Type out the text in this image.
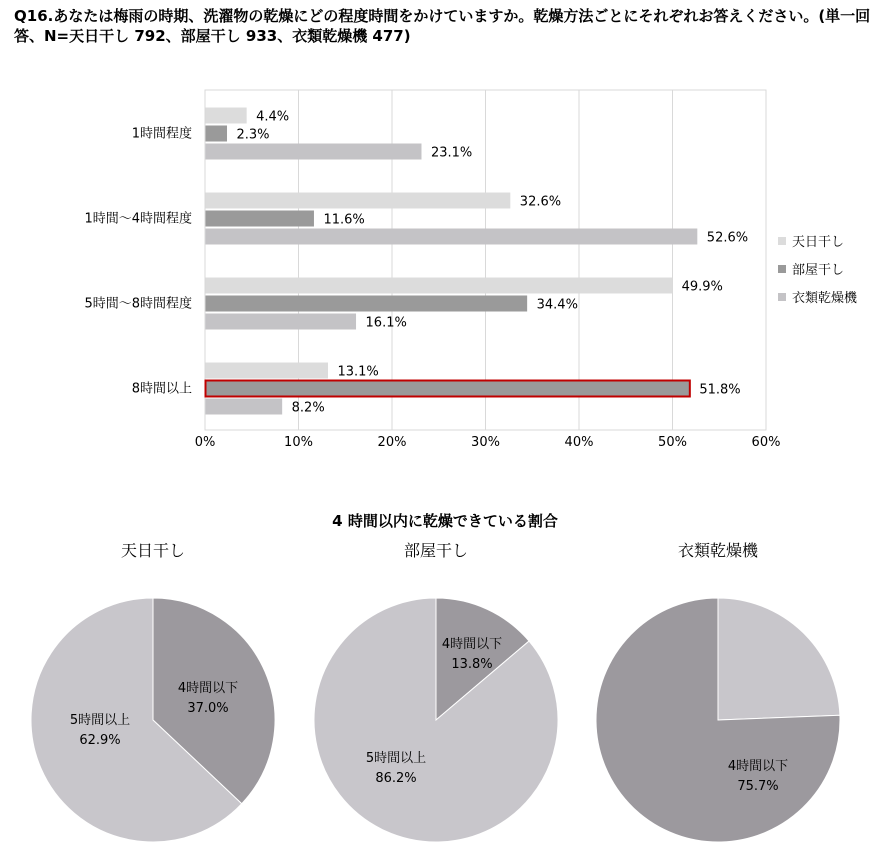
Q16.あなたは梅雨の時期、洗濯物の乾燥にどの程度時間をかけていますか。乾燥方法ごとにそれぞれお答えください。(単一回答、N=天日干し 792、部屋干し 933、衣類乾燥機 477)

0%	10%	20%	30%	40%	50%	60%
1時間程度
4.4%
2.3%
23.1%
1時間～4時間程度
32.6%
11.6%
52.6%
5時間～8時間程度
49.9%
34.4%
16.1%
8時間以上
13.1%
51.8%
8.2%
天日干し
部屋干し
衣類乾燥機
4 時間以内に乾燥できている割合
天日干し
4時間以下
37.0%
5時間以上
62.9%
部屋干し
4時間以下
13.8%
5時間以上
86.2%
衣類乾燥機
4時間以下
75.7%
